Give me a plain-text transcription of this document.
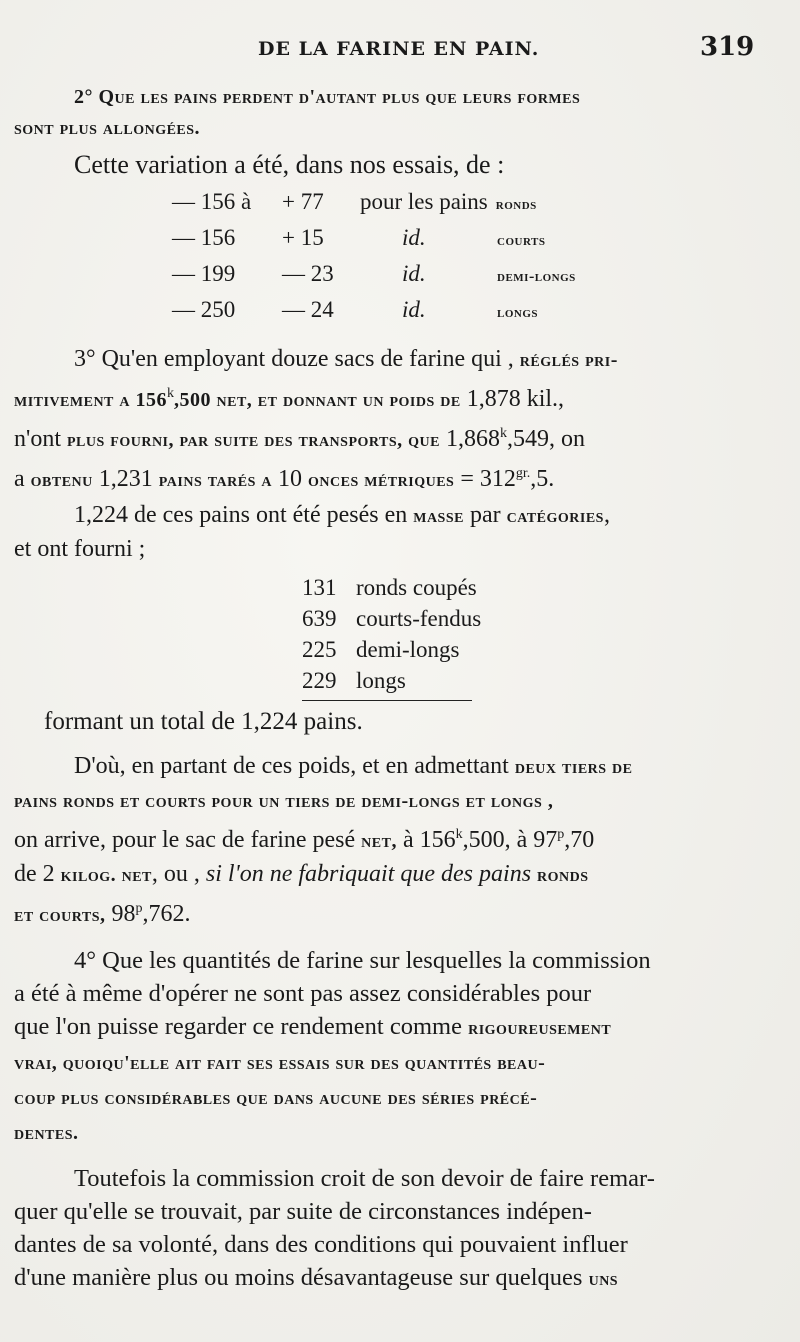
DE LA FARINE EN PAIN.	319

2° Que les pains perdent d'autant plus que leurs formes
sont plus allongées.

Cette variation a été, dans nos essais, de :

— 156 à	+ 77	pour les pains ronds
— 156	+ 15	id.	courts
— 199	— 23	id.	demi-longs
— 250	— 24	id.	longs

3° Qu'en employant douze sacs de farine qui , réglés pri-
mitivement a 156$^k$,500 net, et donnant un poids de 1,878 kil.,
n'ont plus fourni, par suite des transports, que 1,868$^k$,549, on
a obtenu 1,231 pains tarés a 10 onces métriques = $312^{gr.},5$.

1,224 de ces pains ont été pesés en masse par catégories,
et ont fourni ;

131 ronds coupés
639 courts-fendus
225 demi-longs
229 longs

formant un total de 1,224 pains.

D'où, en partant de ces poids, et en admettant deux tiers de
pains ronds et courts pour un tiers de demi-longs et longs ,
on arrive, pour le sac de farine pesé net, à 156$^k$,500, à 97$^p$,70
de 2 kilog. net, ou , si l'on ne fabriquait que des pains ronds
et courts, 98$^p$,762.

4° Que les quantités de farine sur lesquelles la commission
a été à même d'opérer ne sont pas assez considérables pour
que l'on puisse regarder ce rendement comme rigoureusement
vrai, quoiqu'elle ait fait ses essais sur des quantités beau-
coup plus considérables que dans aucune des séries précé-
dentes.

Toutefois la commission croit de son devoir de faire remar-
quer qu'elle se trouvait, par suite de circonstances indépen-
dantes de sa volonté, dans des conditions qui pouvaient influer
d'une manière plus ou moins désavantageuse sur quelques uns
